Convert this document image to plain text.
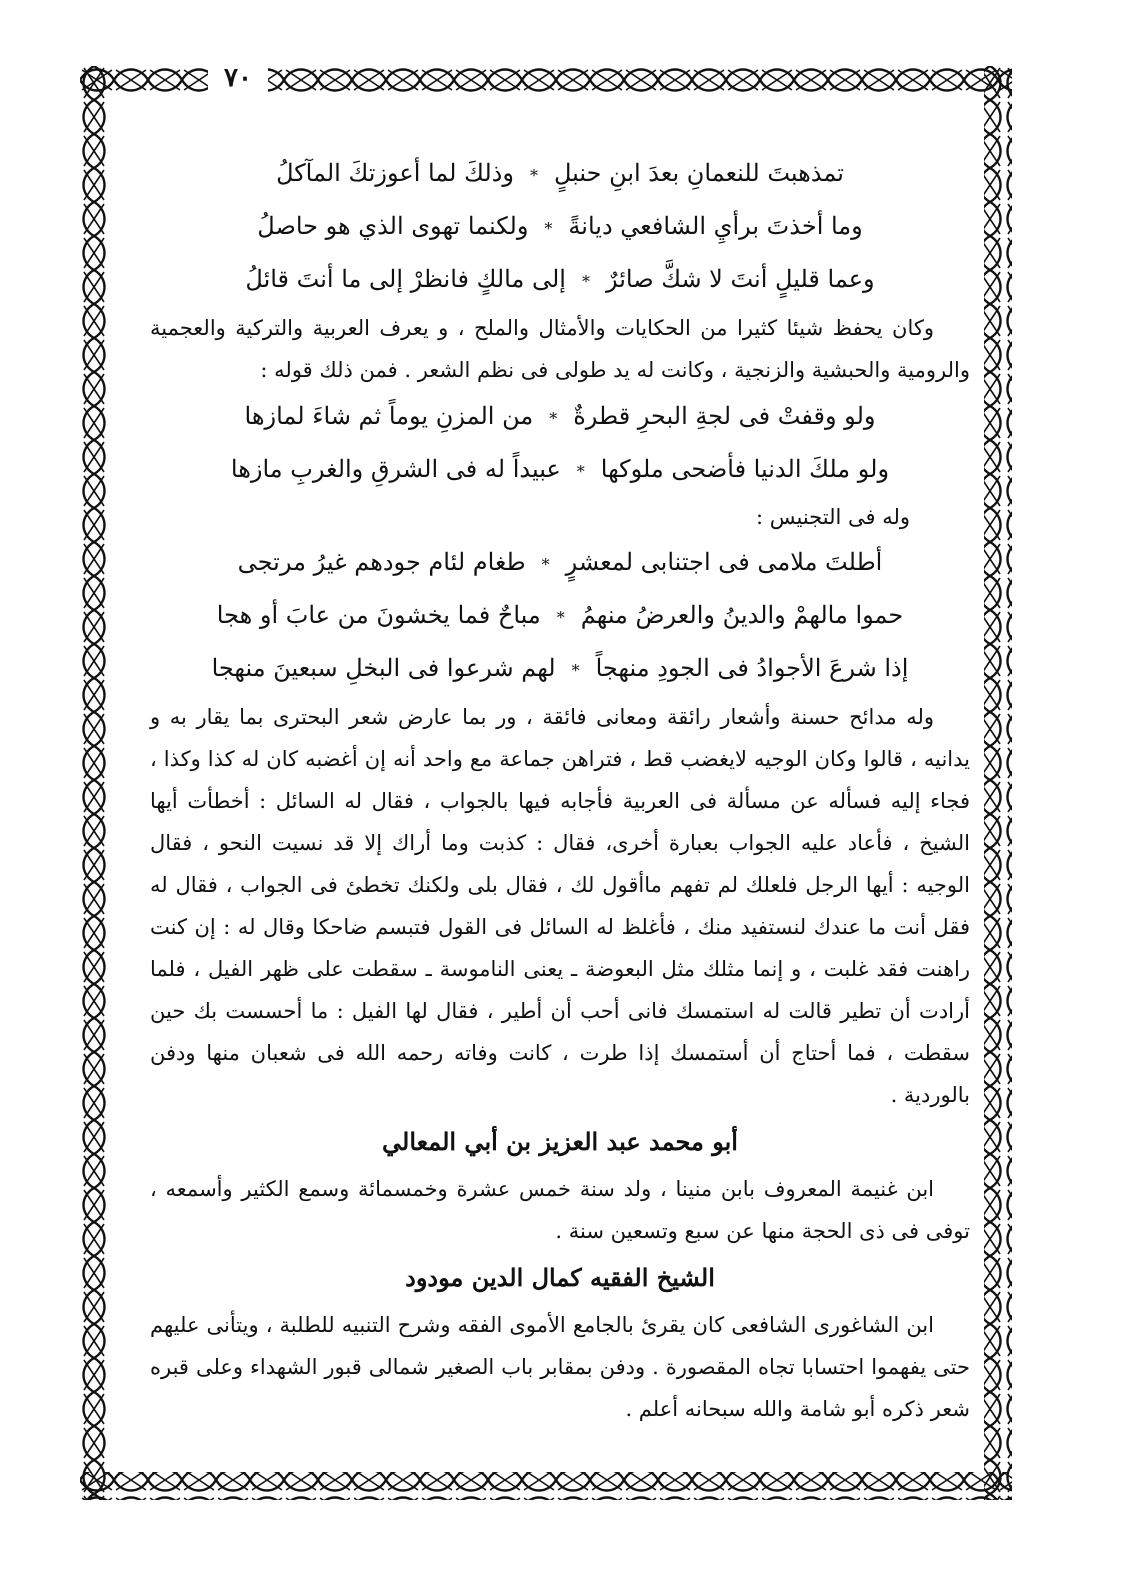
٧٠
تمذهبتَ للنعمانِ بعدَ ابنِ حنبلٍ
*
وذلكَ لما أعوزتكَ المآكلُ
وما أخذتَ برأيِ الشافعي ديانةً
*
ولكنما تهوى الذي هو حاصلُ
وعما قليلٍ أنتَ لا شكَّ صائرٌ
*
إلى مالكٍ فانظرْ إلى ما أنتَ قائلُ

وكان يحفظ شيئا كثيرا من الحكايات والأمثال والملح ، و يعرف العربية والتركية والعجمية والرومية والحبشية والزنجية ، وكانت له يد طولى فى نظم الشعر . فمن ذلك قوله :

ولو وقفتْ فى لجةِ البحرِ قطرةٌ
*
من المزنِ يوماً ثم شاءَ لمازها
ولو ملكَ الدنيا فأضحى ملوكها
*
عبيداً له فى الشرقِ والغربِ مازها

وله فى التجنيس :

أطلتَ ملامى فى اجتنابى لمعشرٍ
*
طغام لئام جودهم غيرُ مرتجى
حموا مالهمْ والدينُ والعرضُ منهمُ
*
مباحٌ فما يخشونَ من عابَ أو هجا
إذا شرعَ الأجوادُ فى الجودِ منهجاً
*
لهم شرعوا فى البخلِ سبعينَ منهجا

وله مدائح حسنة وأشعار رائقة ومعانى فائقة ، ور بما عارض شعر البحترى بما يقار به و يدانيه ، قالوا وكان الوجيه لايغضب قط ، فتراهن جماعة مع واحد أنه إن أغضبه كان له كذا وكذا ، فجاء إليه فسأله عن مسألة فى العربية فأجابه فيها بالجواب ، فقال له السائل : أخطأت أيها الشيخ ، فأعاد عليه الجواب بعبارة أخرى، فقال : كذبت وما أراك إلا قد نسيت النحو ، فقال الوجيه : أيها الرجل فلعلك لم تفهم ماأقول لك ، فقال بلى ولكنك تخطئ فى الجواب ، فقال له فقل أنت ما عندك لنستفيد منك ، فأغلظ له السائل فى القول فتبسم ضاحكا وقال له : إن كنت راهنت فقد غلبت ، و إنما مثلك مثل البعوضة ـ يعنى الناموسة ـ سقطت على ظهر الفيل ، فلما أرادت أن تطير قالت له استمسك فانى أحب أن أطير ، فقال لها الفيل : ما أحسست بك حين سقطت ، فما أحتاج أن أستمسك إذا طرت ، كانت وفاته رحمه الله فى شعبان منها ودفن بالوردية .

أبو محمد عبد العزيز بن أبي المعالي

ابن غنيمة المعروف بابن منينا ، ولد سنة خمس عشرة وخمسمائة وسمع الكثير وأسمعه ، توفى فى ذى الحجة منها عن سبع وتسعين سنة .

الشيخ الفقيه كمال الدين مودود

ابن الشاغورى الشافعى كان يقرئ بالجامع الأموى الفقه وشرح التنبيه للطلبة ، ويتأنى عليهم حتى يفهموا احتسابا تجاه المقصورة . ودفن بمقابر باب الصغير شمالى قبور الشهداء وعلى قبره شعر ذكره أبو شامة والله سبحانه أعلم .
